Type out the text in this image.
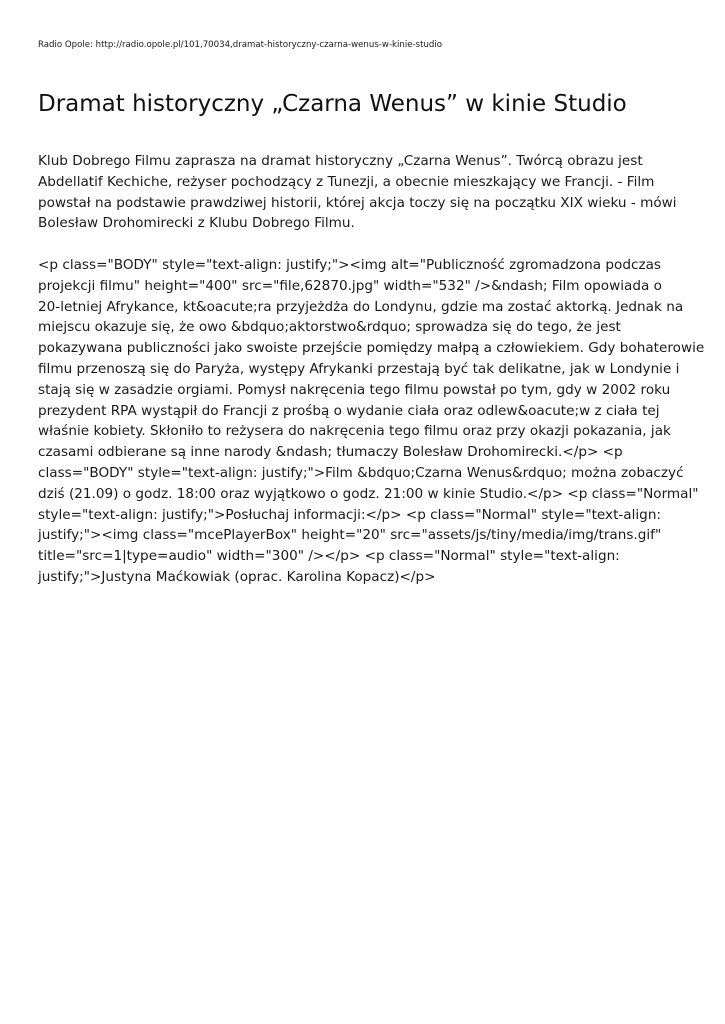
Radio Opole: http://radio.opole.pl/101,70034,dramat-historyczny-czarna-wenus-w-kinie-studio
Dramat historyczny „Czarna Wenus” w kinie Studio
Klub Dobrego Filmu zaprasza na dramat historyczny „Czarna Wenus”. Twórcą obrazu jest
Abdellatif Kechiche, reżyser pochodzący z Tunezji, a obecnie mieszkający we Francji. - Film
powstał na podstawie prawdziwej historii, której akcja toczy się na początku XIX wieku - mówi
Bolesław Drohomirecki z Klubu Dobrego Filmu.
<p class="BODY" style="text-align: justify;"><img alt="Publiczność zgromadzona podczas
projekcji filmu" height="400" src="file,62870.jpg" width="532" />&ndash; Film opowiada o
20-letniej Afrykance, kt&oacute;ra przyjeżdża do Londynu, gdzie ma zostać aktorką. Jednak na
miejscu okazuje się, że owo &bdquo;aktorstwo&rdquo; sprowadza się do tego, że jest
pokazywana publiczności jako swoiste przejście pomiędzy małpą a człowiekiem. Gdy bohaterowie
filmu przenoszą się do Paryża, występy Afrykanki przestają być tak delikatne, jak w Londynie i
stają się w zasadzie orgiami. Pomysł nakręcenia tego filmu powstał po tym, gdy w 2002 roku
prezydent RPA wystąpił do Francji z prośbą o wydanie ciała oraz odlew&oacute;w z ciała tej
właśnie kobiety. Skłoniło to reżysera do nakręcenia tego filmu oraz przy okazji pokazania, jak
czasami odbierane są inne narody &ndash; tłumaczy Bolesław Drohomirecki.</p> <p
class="BODY" style="text-align: justify;">Film &bdquo;Czarna Wenus&rdquo; można zobaczyć
dziś (21.09) o godz. 18:00 oraz wyjątkowo o godz. 21:00 w kinie Studio.</p> <p class="Normal"
style="text-align: justify;">Posłuchaj informacji:</p> <p class="Normal" style="text-align:
justify;"><img class="mcePlayerBox" height="20" src="assets/js/tiny/media/img/trans.gif"
title="src=1|type=audio" width="300" /></p> <p class="Normal" style="text-align:
justify;">Justyna Maćkowiak (oprac. Karolina Kopacz)</p>
